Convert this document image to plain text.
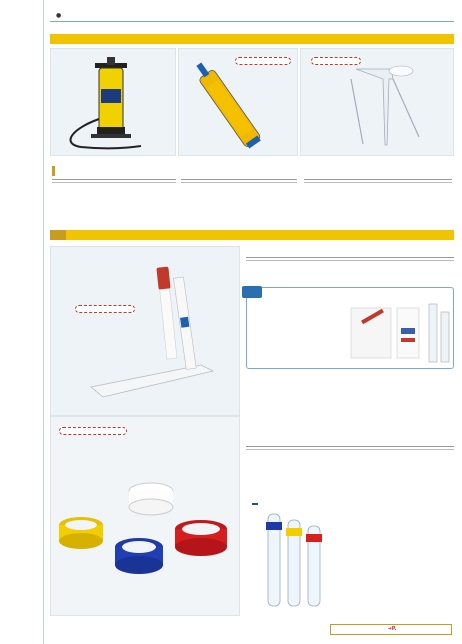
➜P.
●
